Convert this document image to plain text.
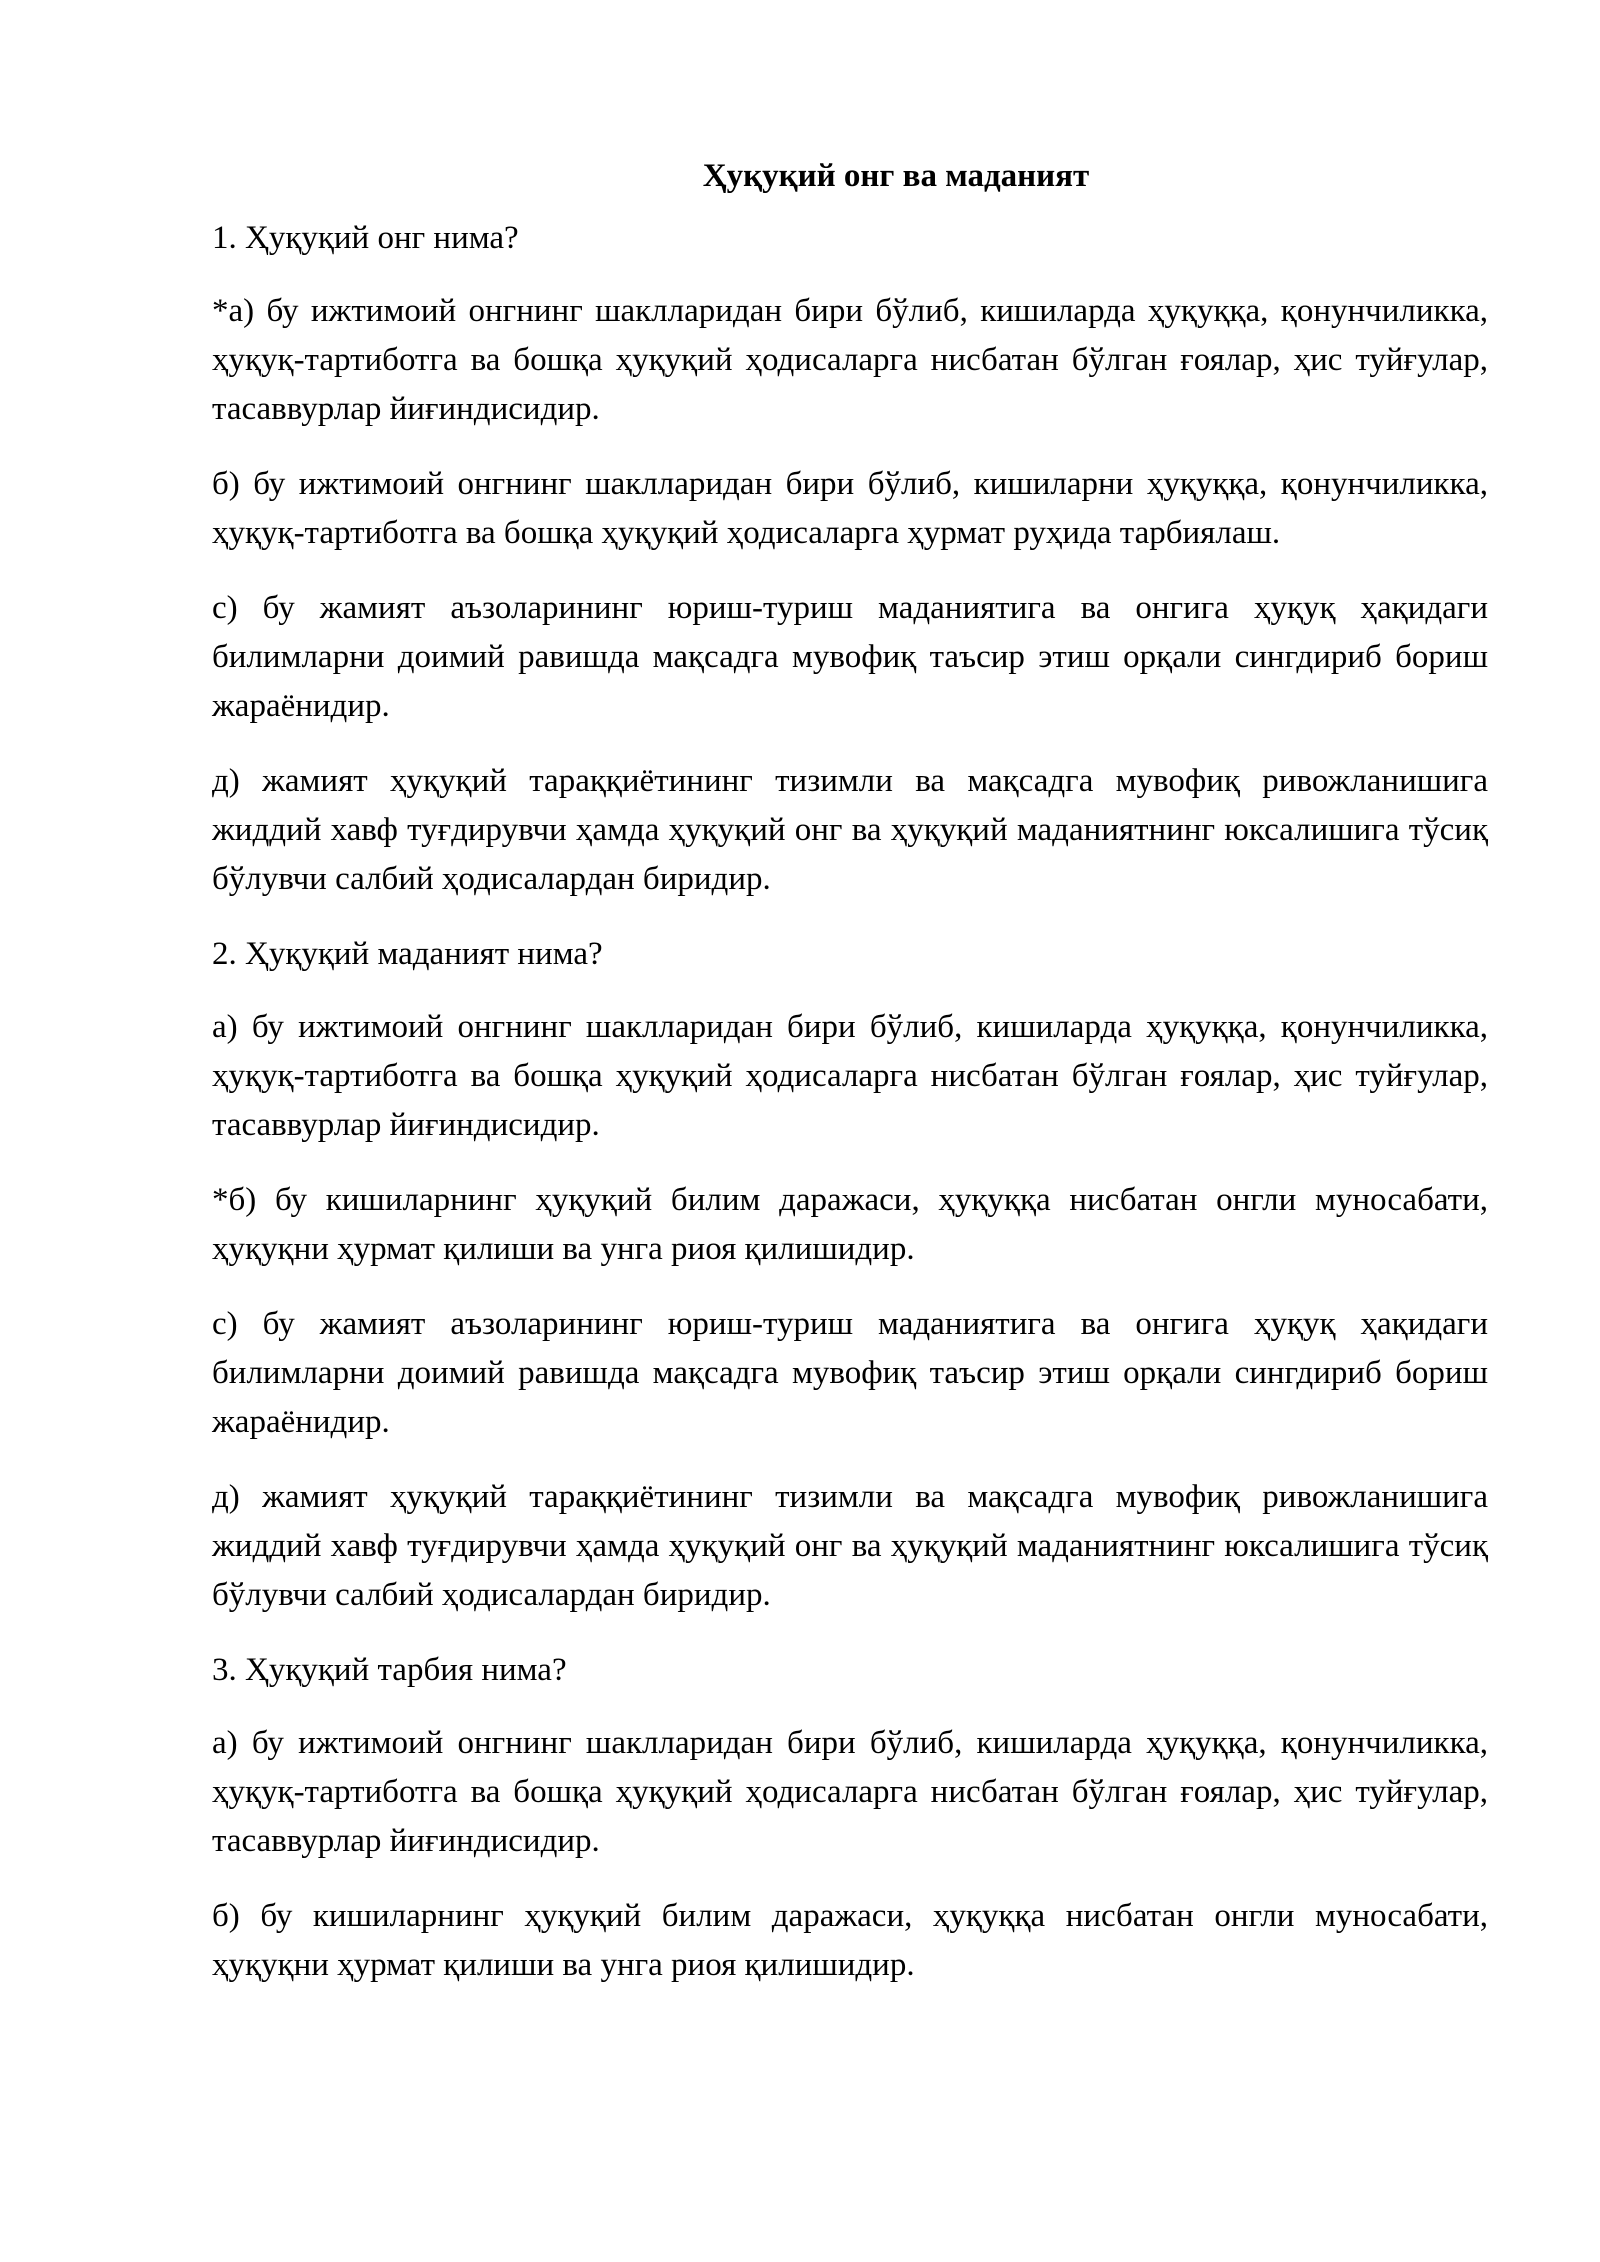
Ҳуқуқий онг ва маданият

1. Ҳуқуқий онг нима?

*а) бу ижтимоий онгнинг шаклларидан бири бўлиб, кишиларда ҳуқуққа, қонунчиликка, ҳуқуқ-тартиботга ва бошқа ҳуқуқий ҳодисаларга нисбатан бўлган ғоялар, ҳис туйғулар, тасаввурлар йиғиндисидир.

б) бу ижтимоий онгнинг шаклларидан бири бўлиб, кишиларни ҳуқуққа, қонунчиликка, ҳуқуқ-тартиботга ва бошқа ҳуқуқий ҳодисаларга ҳурмат руҳида тарбиялаш.

с) бу жамият аъзоларининг юриш-туриш маданиятига ва онгига ҳуқуқ ҳақидаги билимларни доимий равишда мақсадга мувофиқ таъсир этиш орқали сингдириб бориш жараёнидир.

д) жамият ҳуқуқий тараққиётининг тизимли ва мақсадга мувофиқ ривожланишига жиддий хавф туғдирувчи ҳамда ҳуқуқий онг ва ҳуқуқий маданиятнинг юксалишига тўсиқ бўлувчи салбий ҳодисалардан биридир.

2. Ҳуқуқий маданият нима?

а) бу ижтимоий онгнинг шаклларидан бири бўлиб, кишиларда ҳуқуққа, қонунчиликка, ҳуқуқ-тартиботга ва бошқа ҳуқуқий ҳодисаларга нисбатан бўлган ғоялар, ҳис туйғулар, тасаввурлар йиғиндисидир.

*б) бу кишиларнинг ҳуқуқий билим даражаси, ҳуқуққа нисбатан онгли муносабати, ҳуқуқни ҳурмат қилиши ва унга риоя қилишидир.

с) бу жамият аъзоларининг юриш-туриш маданиятига ва онгига ҳуқуқ ҳақидаги билимларни доимий равишда мақсадга мувофиқ таъсир этиш орқали сингдириб бориш жараёнидир.

д) жамият ҳуқуқий тараққиётининг тизимли ва мақсадга мувофиқ ривожланишига жиддий хавф туғдирувчи ҳамда ҳуқуқий онг ва ҳуқуқий маданиятнинг юксалишига тўсиқ бўлувчи салбий ҳодисалардан биридир.

3. Ҳуқуқий тарбия нима?

а) бу ижтимоий онгнинг шаклларидан бири бўлиб, кишиларда ҳуқуққа, қонунчиликка, ҳуқуқ-тартиботга ва бошқа ҳуқуқий ҳодисаларга нисбатан бўлган ғоялар, ҳис туйғулар, тасаввурлар йиғиндисидир.

б) бу кишиларнинг ҳуқуқий билим даражаси, ҳуқуққа нисбатан онгли муносабати, ҳуқуқни ҳурмат қилиши ва унга риоя қилишидир.
